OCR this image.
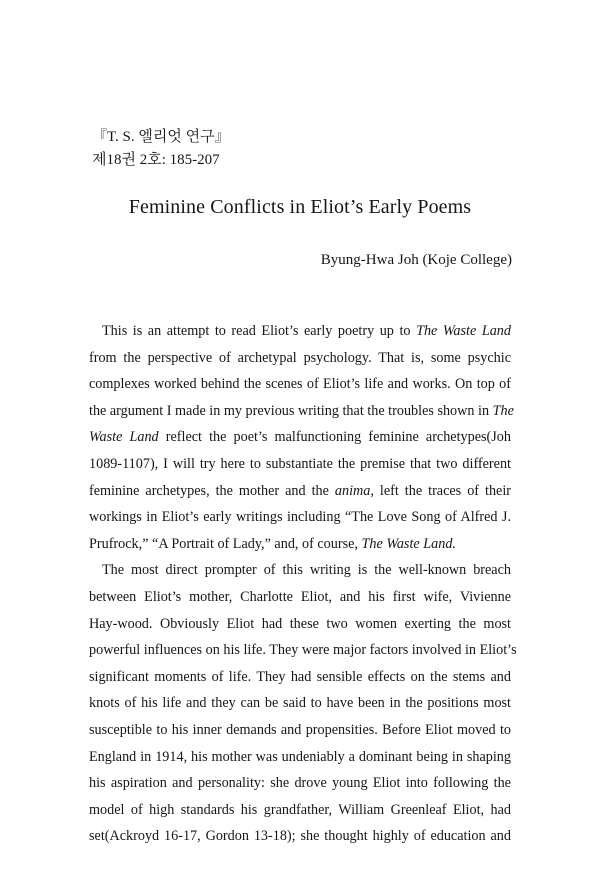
『T. S. 엘리엇 연구』
제18권 2호: 185-207
Feminine Conflicts in Eliot’s Early Poems
Byung-Hwa Joh (Koje College)
This is an attempt to read Eliot’s early poetry up to The Waste Land
from the perspective of archetypal psychology. That is, some psychic
complexes worked behind the scenes of Eliot’s life and works. On top of
the argument I made in my previous writing that the troubles shown in The
Waste Land reflect the poet’s malfunctioning feminine archetypes(Joh
1089-1107), I will try here to substantiate the premise that two different
feminine archetypes, the mother and the anima, left the traces of their
workings in Eliot’s early writings including “The Love Song of Alfred J.
Prufrock,” “A Portrait of Lady,” and, of course, The Waste Land.
The most direct prompter of this writing is the well-known breach
between Eliot’s mother, Charlotte Eliot, and his first wife, Vivienne
Hay-wood. Obviously Eliot had these two women exerting the most
powerful influences on his life. They were major factors involved in Eliot’s
significant moments of life. They had sensible effects on the stems and
knots of his life and they can be said to have been in the positions most
susceptible to his inner demands and propensities. Before Eliot moved to
England in 1914, his mother was undeniably a dominant being in shaping
his aspiration and personality: she drove young Eliot into following the
model of high standards his grandfather, William Greenleaf Eliot, had
set(Ackroyd 16-17, Gordon 13-18); she thought highly of education and
